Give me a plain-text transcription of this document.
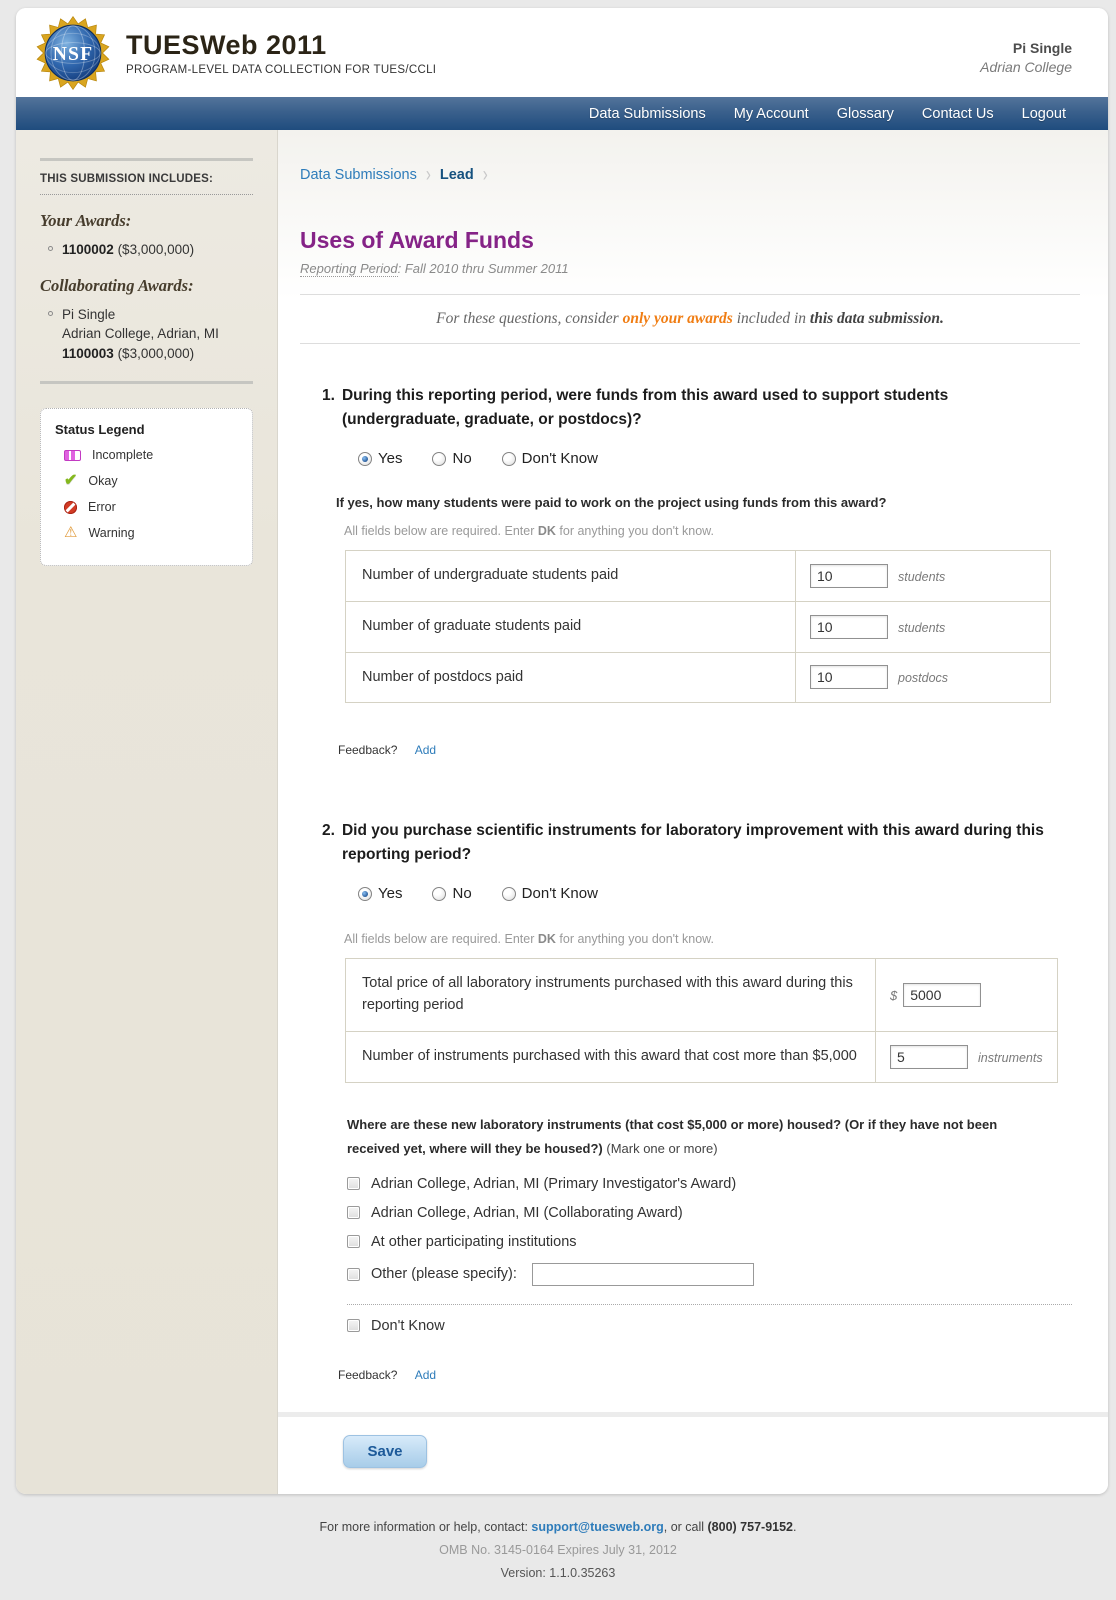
NSF TUESWeb 2011
PROGRAM-LEVEL DATA COLLECTION FOR TUES/CCLI
Pi Single
Adrian College
Data Submissions	My Account	Glossary	Contact Us	Logout
THIS SUBMISSION INCLUDES:
Your Awards:
1100002 ($3,000,000)
Collaborating Awards:
Pi Single
Adrian College, Adrian, MI
1100003 ($3,000,000)
Status Legend
Incomplete
✔ Okay
Error
⚠ Warning
Data Submissions › Lead ›
Uses of Award Funds
Reporting Period: Fall 2010 thru Summer 2011
For these questions, consider only your awards included in this data submission.
1. During this reporting period, were funds from this award used to support students (undergraduate, graduate, or postdocs)?
Yes	No	Don't Know
If yes, how many students were paid to work on the project using funds from this award?
All fields below are required. Enter DK for anything you don't know.
Number of undergraduate students paid	10students
Number of graduate students paid	10students
Number of postdocs paid	10postdocs
Feedback? Add
2. Did you purchase scientific instruments for laboratory improvement with this award during this reporting period?
Yes	No	Don't Know
All fields below are required. Enter DK for anything you don't know.
Total price of all laboratory instruments purchased with this award during this reporting period	$5000
Number of instruments purchased with this award that cost more than $5,000	5instruments
Where are these new laboratory instruments (that cost $5,000 or more) housed? (Or if they have not been received yet, where will they be housed?) (Mark one or more)
Adrian College, Adrian, MI (Primary Investigator's Award)
Adrian College, Adrian, MI (Collaborating Award)
At other participating institutions
Other (please specify):
Don't Know
Feedback? Add
Save
For more information or help, contact: support@tuesweb.org, or call (800) 757-9152.
OMB No. 3145-0164 Expires July 31, 2012
Version: 1.1.0.35263
